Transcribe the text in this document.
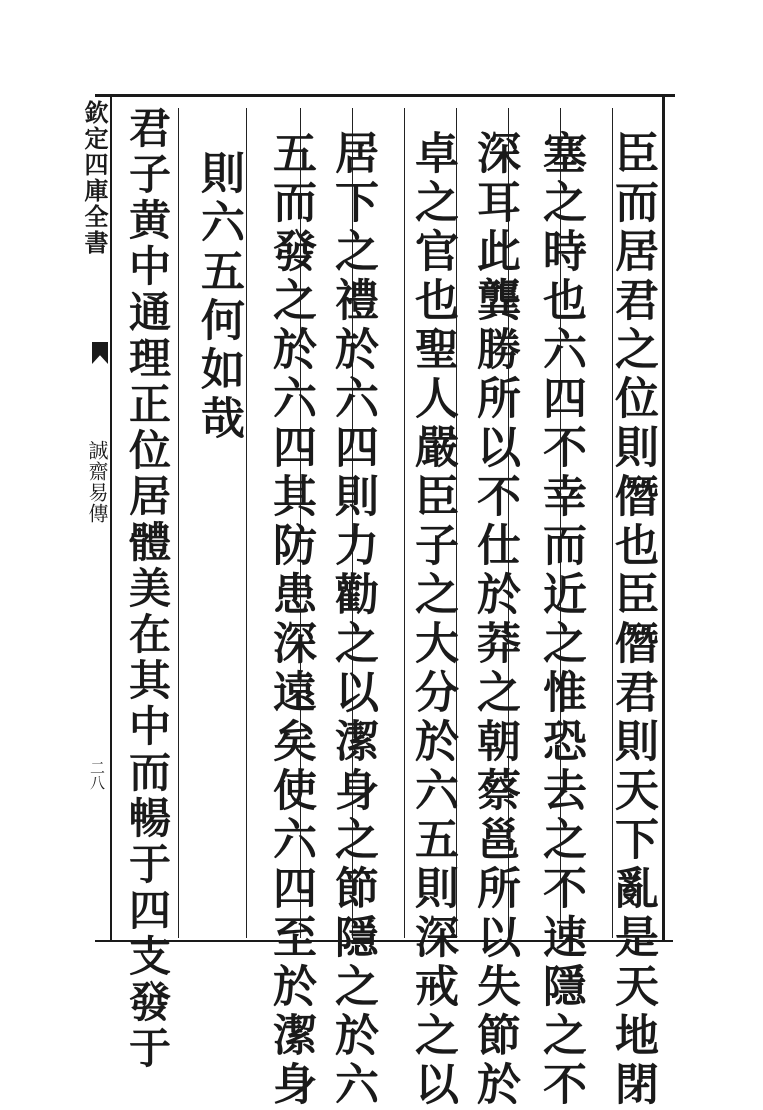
欽定四庫全書
誠齋易傳
二八	臣而居君之位則僭也臣僭君則天下亂是天地閉
塞之時也六四不幸而近之惟恐去之不速隱之不
深耳此龔勝所以不仕於莽之朝蔡邕所以失節於
卓之官也聖人嚴臣子之大分於六五則深戒之以
居下之禮於六四則力勸之以潔身之節隱之於六
五而發之於六四其防患深遠矣使六四至於潔身
則六五何如哉
君子黄中通理正位居體美在其中而暢于四支發于
